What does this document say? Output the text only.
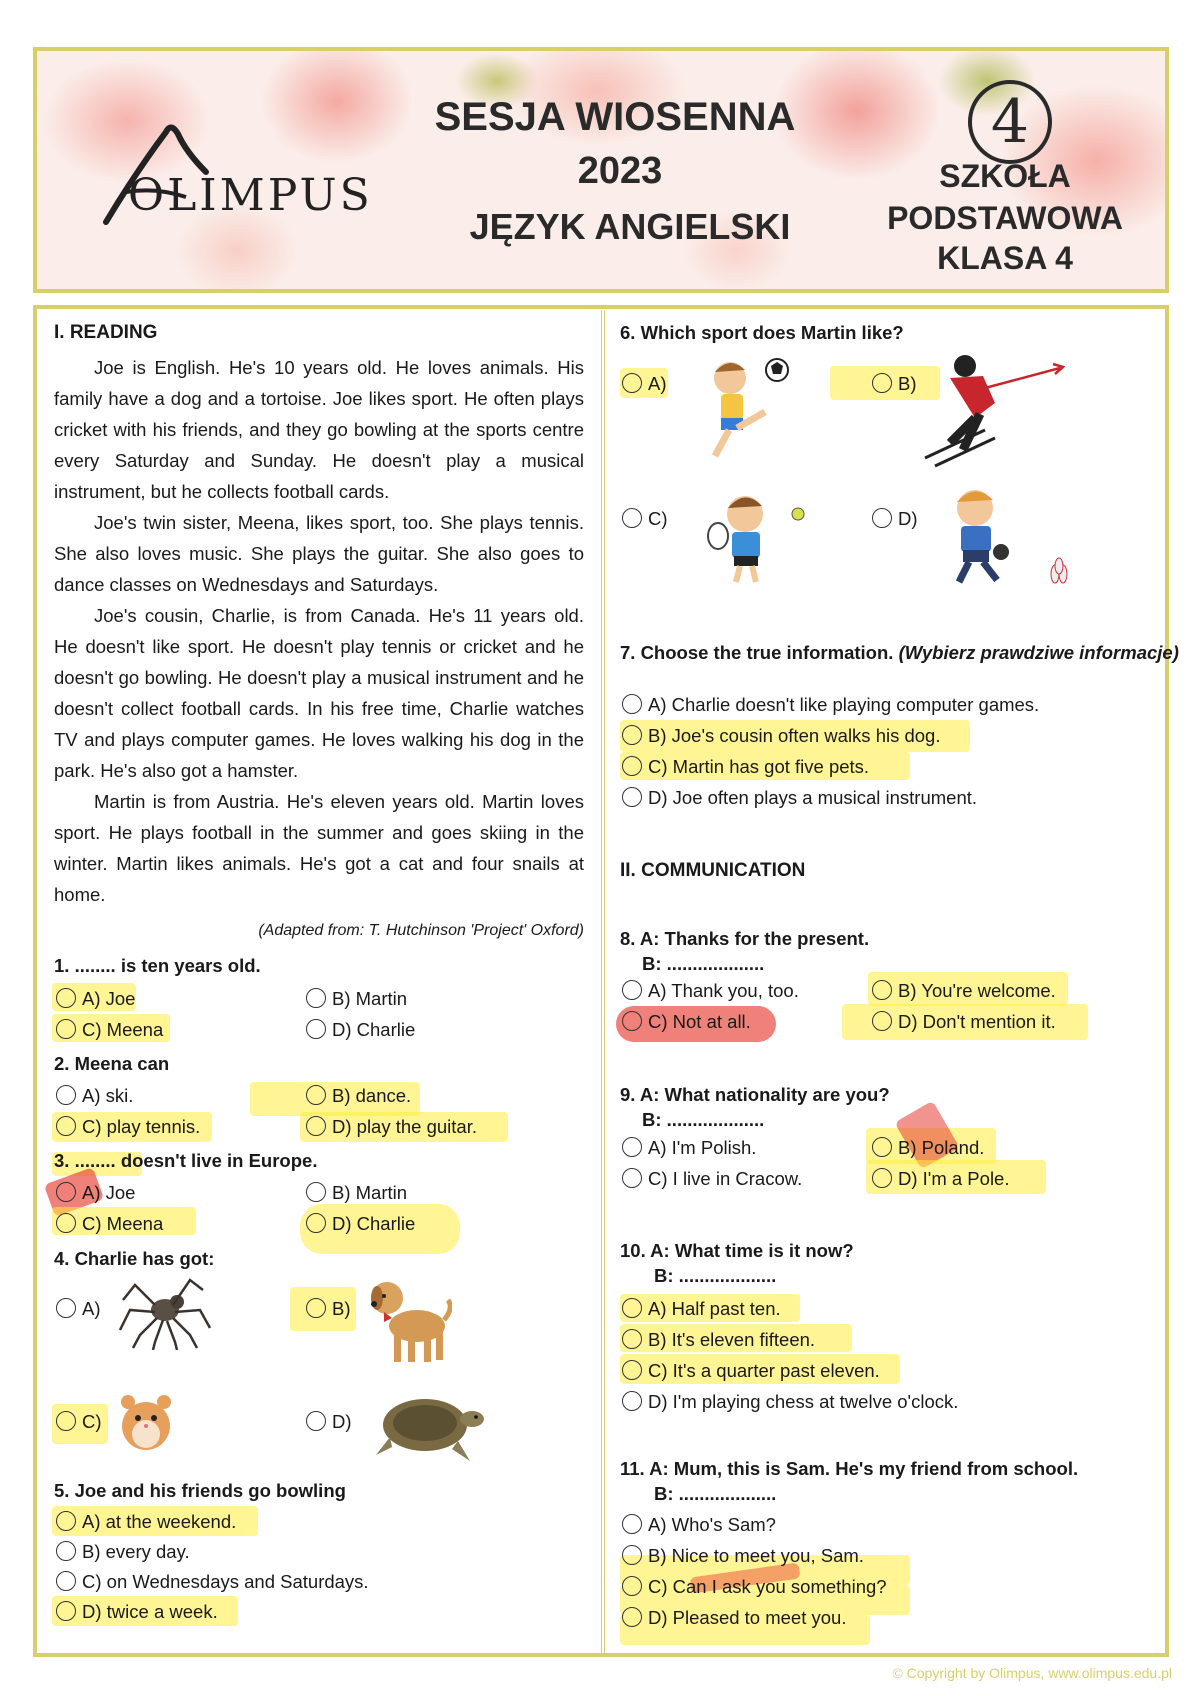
OLIMPUS
SESJA WIOSENNA
2023
JĘZYK ANGIELSKI
4
SZKOŁA
PODSTAWOWA
KLASA 4
I. READING

Joe is English. He's 10 years old. He loves animals. His family have a dog and a tortoise. Joe likes sport. He often plays cricket with his friends, and they go bowling at the sports centre every Saturday and Sunday. He doesn't play a musical instrument, but he collects football cards.

Joe's twin sister, Meena, likes sport, too. She plays tennis. She also loves music. She plays the guitar. She also goes to dance classes on Wednesdays and Saturdays.

Joe's cousin, Charlie, is from Canada. He's 11 years old. He doesn't like sport. He doesn't play tennis or cricket and he doesn't go bowling. He doesn't play a musical instrument and he doesn't collect football cards. In his free time, Charlie watches TV and plays computer games. He loves walking his dog in the park. He's also got a hamster.

Martin is from Austria. He's eleven years old. Martin loves sport. He plays football in the summer and goes skiing in the winter. Martin likes animals. He's got a cat and four snails at home.

(Adapted from: T. Hutchinson 'Project' Oxford)
1. ........ is ten years old.
A) Joe	B) Martin
C) Meena	D) Charlie
2. Meena can
A) ski.	B) dance.
C) play tennis.	D) play the guitar.
3. ........ doesn't live in Europe.
A) Joe	B) Martin
C) Meena	D) Charlie
4. Charlie has got:
A)	B)
C)	D)
5. Joe and his friends go bowling
A) at the weekend.
B) every day.
C) on Wednesdays and Saturdays.
D) twice a week.
6. Which sport does Martin like?
A)	B)
C)	D)
7. Choose the true information. (Wybierz prawdziwe informacje)
A) Charlie doesn't like playing computer games.
B) Joe's cousin often walks his dog.
C) Martin has got five pets.
D) Joe often plays a musical instrument.
II. COMMUNICATION
8. A: Thanks for the present.
B: ...................
A) Thank you, too.	B) You're welcome.
C) Not at all.	D) Don't mention it.
9. A: What nationality are you?
B: ...................
A) I'm Polish.	B) Poland.
C) I live in Cracow.	D) I'm a Pole.
10. A: What time is it now?
B: ...................
A) Half past ten.
B) It's eleven fifteen.
C) It's a quarter past eleven.
D) I'm playing chess at twelve o'clock.
11. A: Mum, this is Sam. He's my friend from school.
B: ...................
A) Who's Sam?
B) Nice to meet you, Sam.
C) Can I ask you something?
D) Pleased to meet you.
© Copyright by Olimpus, www.olimpus.edu.pl
